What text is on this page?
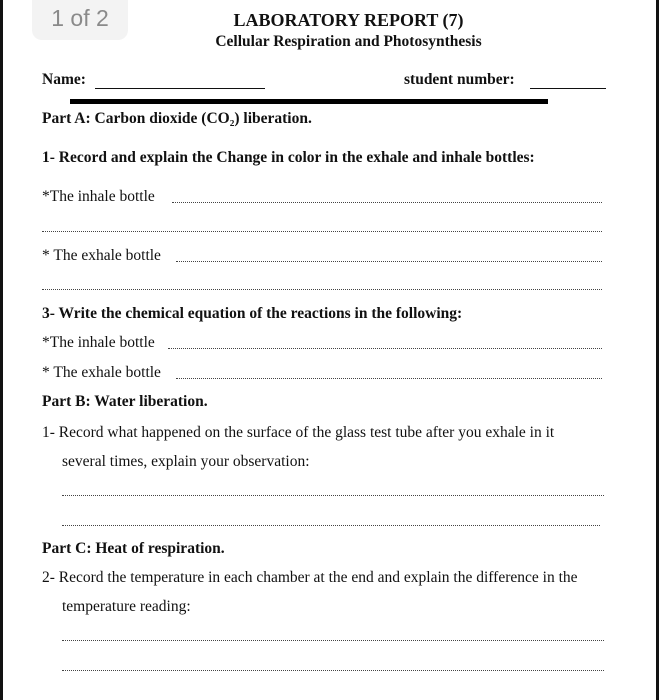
1 of 2	LABORATORY REPORT (7)
Cellular Respiration and Photosynthesis
Name:	student number:
Part A: Carbon dioxide (CO₂) liberation.
1- Record and explain the Change in color in the exhale and inhale bottles:
*The inhale bottle
* The exhale bottle
3- Write the chemical equation of the reactions in the following:
*The inhale bottle
* The exhale bottle
Part B: Water liberation.
1- Record what happened on the surface of the glass test tube after you exhale in it
several times, explain your observation:
Part C: Heat of respiration.
2- Record the temperature in each chamber at the end and explain the difference in the
temperature reading:
